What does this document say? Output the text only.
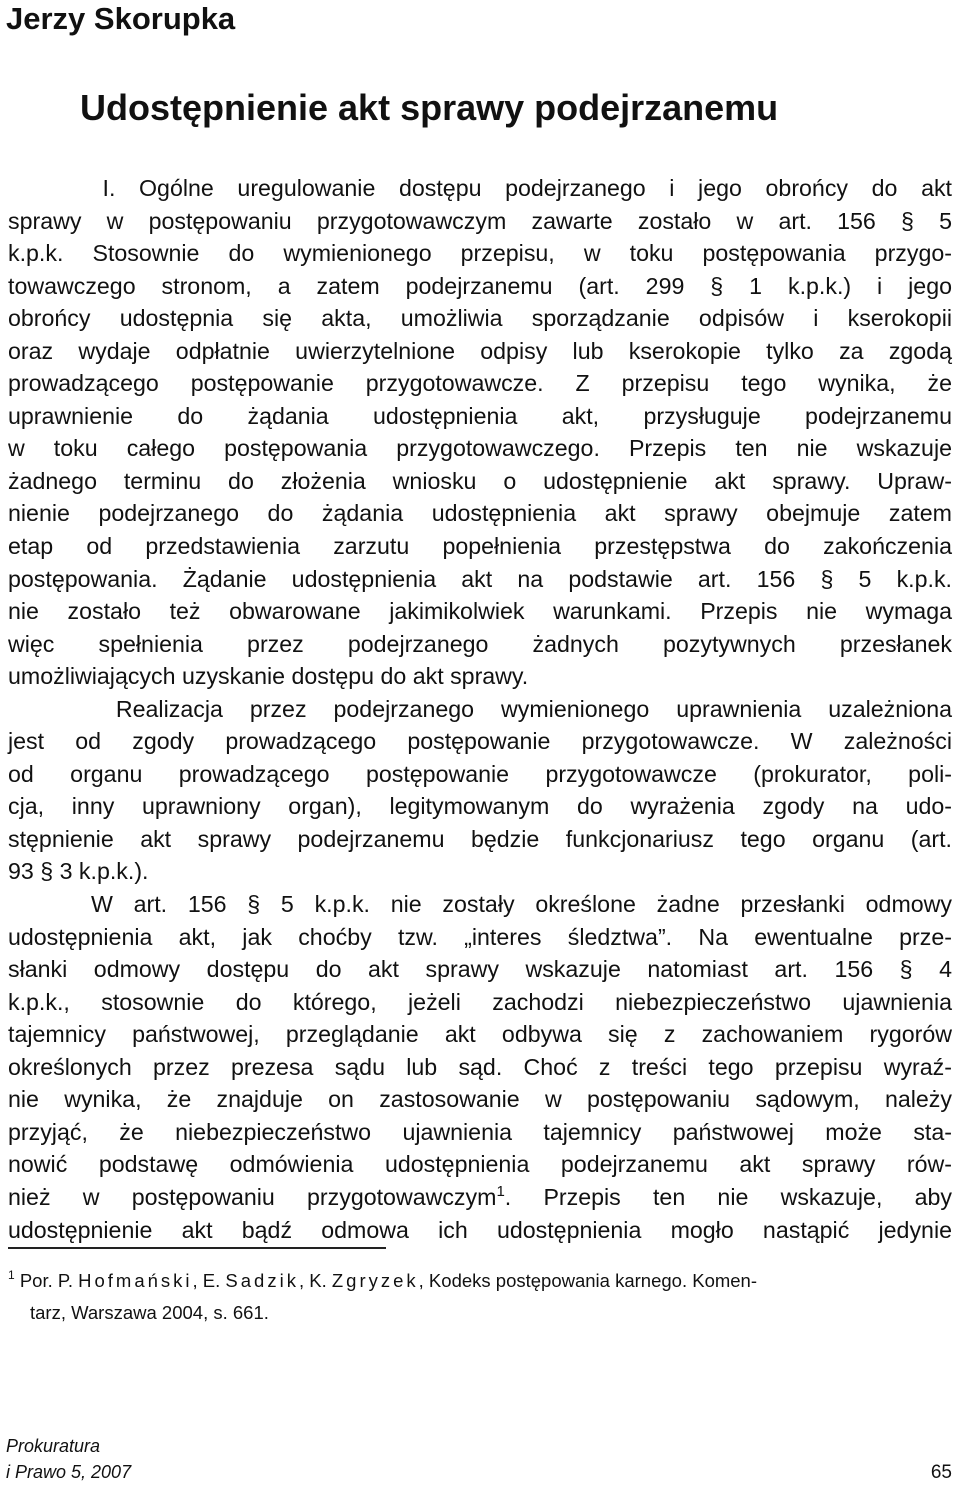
Jerzy Skorupka
Udostępnienie akt sprawy podejrzanemu
I. Ogólne uregulowanie dostępu podejrzanego i jego obrońcy do akt
sprawy w postępowaniu przygotowawczym zawarte zostało w art. 156 § 5
k.p.k. Stosownie do wymienionego przepisu, w toku postępowania przygo-
towawczego stronom, a zatem podejrzanemu (art. 299 § 1 k.p.k.) i jego
obrońcy udostępnia się akta, umożliwia sporządzanie odpisów i kserokopii
oraz wydaje odpłatnie uwierzytelnione odpisy lub kserokopie tylko za zgodą
prowadzącego postępowanie przygotowawcze. Z przepisu tego wynika, że
uprawnienie do żądania udostępnienia akt, przysługuje podejrzanemu
w toku całego postępowania przygotowawczego. Przepis ten nie wskazuje
żadnego terminu do złożenia wniosku o udostępnienie akt sprawy. Upraw-
nienie podejrzanego do żądania udostępnienia akt sprawy obejmuje zatem
etap od przedstawienia zarzutu popełnienia przestępstwa do zakończenia
postępowania. Żądanie udostępnienia akt na podstawie art. 156 § 5 k.p.k.
nie zostało też obwarowane jakimikolwiek warunkami. Przepis nie wymaga
więc spełnienia przez podejrzanego żadnych pozytywnych przesłanek
umożliwiających uzyskanie dostępu do akt sprawy.
Realizacja przez podejrzanego wymienionego uprawnienia uzależniona
jest od zgody prowadzącego postępowanie przygotowawcze. W zależności
od organu prowadzącego postępowanie przygotowawcze (prokurator, poli-
cja, inny uprawniony organ), legitymowanym do wyrażenia zgody na udo-
stępnienie akt sprawy podejrzanemu będzie funkcjonariusz tego organu (art.
93 § 3 k.p.k.).
W art. 156 § 5 k.p.k. nie zostały określone żadne przesłanki odmowy
udostępnienia akt, jak choćby tzw. „interes śledztwa”. Na ewentualne prze-
słanki odmowy dostępu do akt sprawy wskazuje natomiast art. 156 § 4
k.p.k., stosownie do którego, jeżeli zachodzi niebezpieczeństwo ujawnienia
tajemnicy państwowej, przeglądanie akt odbywa się z zachowaniem rygorów
określonych przez prezesa sądu lub sąd. Choć z treści tego przepisu wyraź-
nie wynika, że znajduje on zastosowanie w postępowaniu sądowym, należy
przyjąć, że niebezpieczeństwo ujawnienia tajemnicy państwowej może sta-
nowić podstawę odmówienia udostępnienia podejrzanemu akt sprawy rów-
nież w postępowaniu przygotowawczym$^1$. Przepis ten nie wskazuje, aby
udostępnienie akt bądź odmowa ich udostępnienia mogło nastąpić jedynie
$^1$ Por. P. Hofmański, E. Sadzik, K. Zgryzek, Kodeks postępowania karnego. Komen-
tarz, Warszawa 2004, s. 661.
Prokuratura
i Prawo 5, 2007	65
